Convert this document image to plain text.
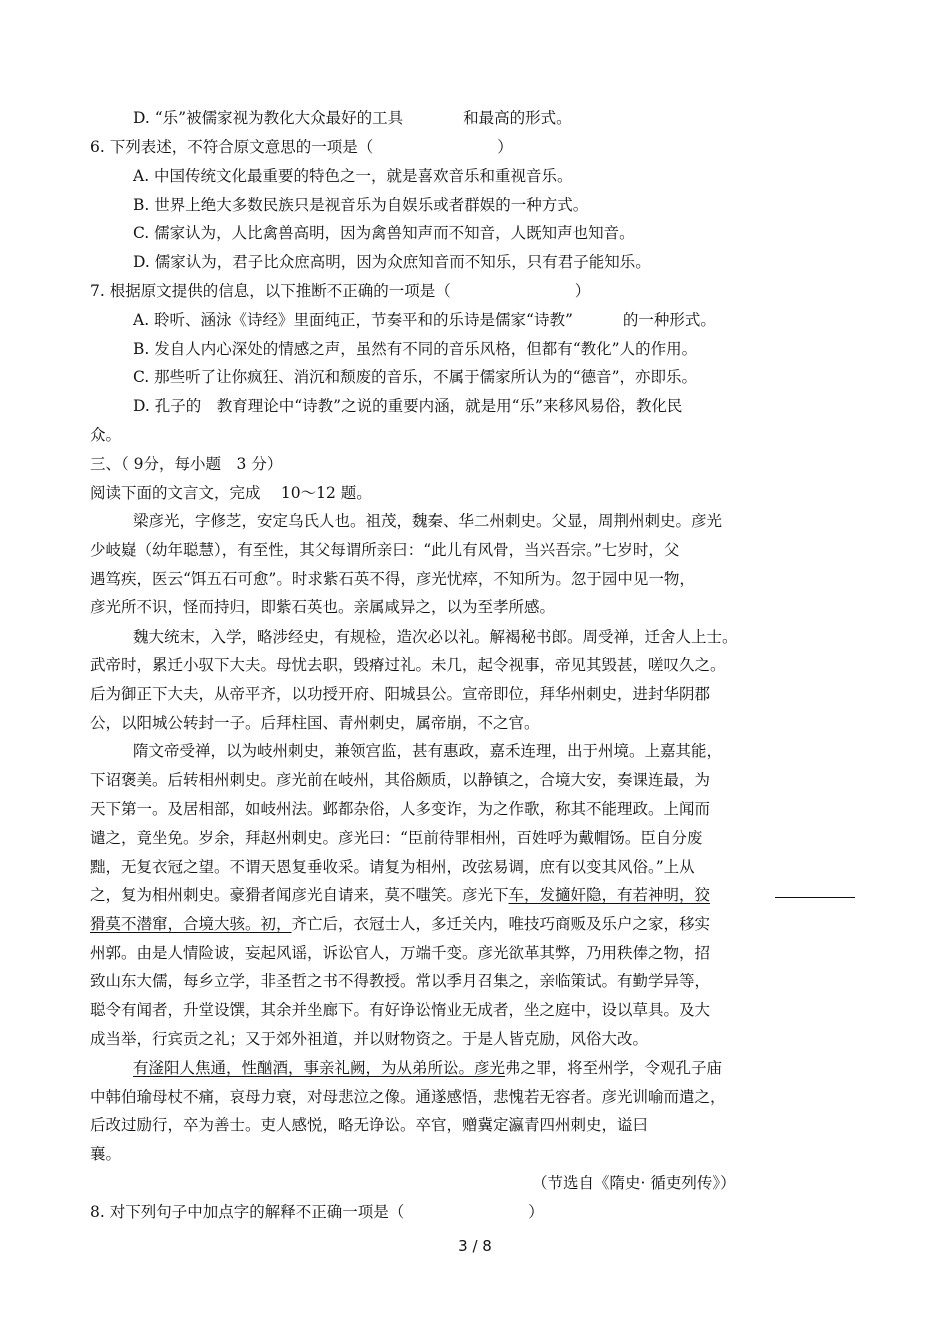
D. “乐”被儒家视为教化大众最好的工具	和最高的形式。
6. 下列表述，不符合原文意思的一项是（　　　　　　　　）
A. 中国传统文化最重要的特色之一，就是喜欢音乐和重视音乐。
B. 世界上绝大多数民族只是视音乐为自娱乐或者群娱的一种方式。
C. 儒家认为，人比禽兽高明，因为禽兽知声而不知音，人既知声也知音。
D. 儒家认为，君子比众庶高明，因为众庶知音而不知乐，只有君子能知乐。
7. 根据原文提供的信息，以下推断不正确的一项是（　　　　　　　　）
A. 聆听、涵泳《诗经》里面纯正，节奏平和的乐诗是儒家“诗教”	的一种形式。
B. 发自人内心深处的情感之声，虽然有不同的音乐风格，但都有“教化”人的作用。
C. 那些听了让你疯狂、消沉和颓废的音乐，不属于儒家所认为的“德音”，亦即乐。
D. 孔子的　教育理论中“诗教”之说的重要内涵，就是用“乐”来移风易俗，教化民
众。
三、（ 9分，每小题　3 分）
阅读下面的文言文，完成　 10～12 题。
梁彦光，字修芝，安定乌氏人也。祖茂，魏秦、华二州刺史。父显，周荆州刺史。彦光
少岐嶷（幼年聪慧），有至性，其父每谓所亲曰：“此儿有风骨，当兴吾宗。”七岁时，父
遇笃疾，医云“饵五石可愈”。时求紫石英不得，彦光忧瘁，不知所为。忽于园中见一物，
彦光所不识，怪而持归，即紫石英也。亲属咸异之，以为至孝所感。
魏大统末，入学，略涉经史，有规检，造次必以礼。解褐秘书郎。周受禅，迁舍人上士。
武帝时，累迁小驭下大夫。母忧去职，毁瘠过礼。未几，起令视事，帝见其毁甚，嗟叹久之。
后为御正下大夫，从帝平齐，以功授开府、阳城县公。宣帝即位，拜华州刺史，进封华阴郡
公，以阳城公转封一子。后拜柱国、青州刺史，属帝崩，不之官。
隋文帝受禅，以为岐州刺史，兼领宫监，甚有惠政，嘉禾连理，出于州境。上嘉其能，
下诏褒美。后转相州刺史。彦光前在岐州，其俗颇质，以静镇之，合境大安，奏课连最，为
天下第一。及居相部，如岐州法。邺都杂俗，人多变诈，为之作歌，称其不能理政。上闻而
谴之，竟坐免。岁余，拜赵州刺史。彦光曰：“臣前待罪相州，百姓呼为戴帽饧。臣自分废
黜，无复衣冠之望。不谓天恩复垂收采。请复为相州，改弦易调，庶有以变其风俗。”上从
之，复为相州刺史。豪猾者闻彦光自请来，莫不嗤笑。彦光下车，发擿奸隐，有若神明，狡
猾莫不潜窜，合境大骇。初，齐亡后，衣冠士人，多迁关内，唯技巧商贩及乐户之家，移实
州郭。由是人情险诐，妄起风谣，诉讼官人，万端千变。彦光欲革其弊，乃用秩俸之物，招
致山东大儒，每乡立学，非圣哲之书不得教授。常以季月召集之，亲临策试。有勤学异等，
聪令有闻者，升堂设馔，其余并坐廊下。有好诤讼惰业无成者，坐之庭中，设以草具。及大
成当举，行宾贡之礼；又于郊外祖道，并以财物资之。于是人皆克励，风俗大改。
有滏阳人焦通，性酗酒，事亲礼阙，为从弟所讼。彦光弗之罪，将至州学，令观孔子庙
中韩伯瑜母杖不痛，哀母力衰，对母悲泣之像。通遂感悟，悲愧若无容者。彦光训喻而遣之，
后改过励行，卒为善士。吏人感悦，略无诤讼。卒官，赠冀定瀛青四州刺史，谥曰
襄。
（节选自《隋史· 循吏列传》）
8. 对下列句子中加点字的解释不正确一项是（　　　　　　　　）
3 / 8
